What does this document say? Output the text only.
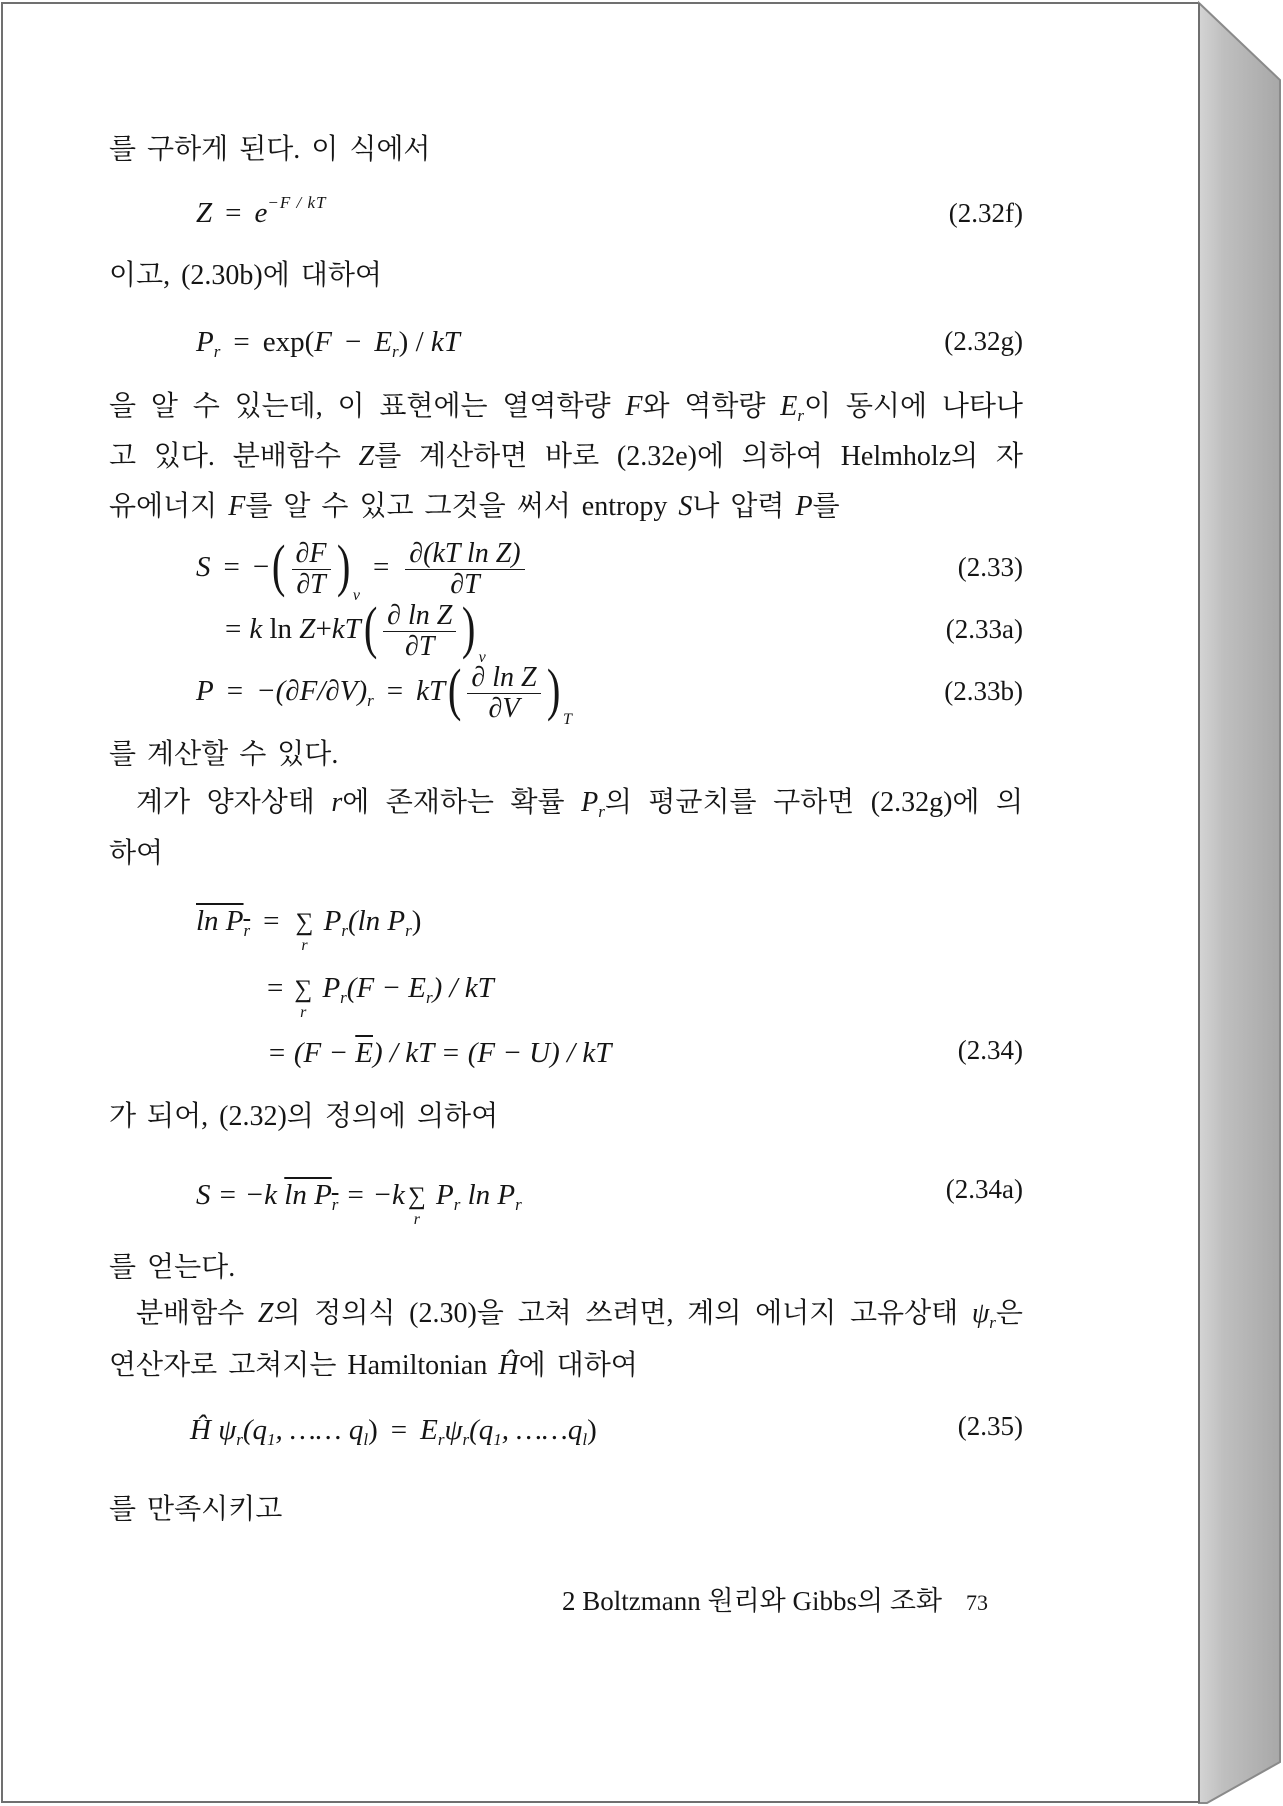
를 구하게 된다. 이 식에서
$Z = e^{-F / kT}$	(2.32f)
이고, (2.30b)에 대하여
$P_r = \exp(F - E_r)$ / kT	(2.32g)
을 알 수 있는데, 이 표현에는 열역학량 F와 역학량 $E_r$이 동시에 나타나
고 있다. 분배함수 Z를 계산하면 바로 (2.32e)에 의하여 Helmholz의 자
유에너지 F를 알 수 있고 그것을 써서 entropy S나 압력 P를
S = −( $\frac{\partial F}{\partial T}$ ) $_v= \frac{\text{∂(kT ln Z)}}{\partial T}$	(2.33)
= k $\ln Z+kT( \frac{\text{∂ ln Z}}{\partial T}$ ) $_v$
(2.33a)
$P = -(\partial F/\partial V)_r = kT( \frac{\text{∂ ln Z}}{\partial V}$ ) $_T$
(2.33b)
를 계산할 수 있다.
계가 양자상태 r에 존재하는 확률 $P_r$의 평균치를 구하면 (2.32g)에 의
하여
$\ln P_r$ = ∑
r
$P_r(\ln$ $P_r$)
= ∑
r
$P_r(F - E_r)$ / kT
= $(F - \overline{E})$ / kT = (F − U) / kT	(2.34)
가 되어, (2.32)의 정의에 의하여
S = −k $\ln P_r = -k$ ∑
r
$P_r$ $\ln P_r$
(2.34a)
를 얻는다.
분배함수 Z의 정의식 (2.30)을 고쳐 쓰려면, 계의 에너지 고유상태 $\psi_r$은
연산자로 고쳐지는 Hamiltonian Ĥ에 대하여
Ĥ $\psi_r(q_1$, …… $q_l) = E_r\psi_r(q_1$, $\dots\dots q_l$)	(2.35)
를 만족시키고
2 Boltzmann 원리와 Gibbs의 조화 73
